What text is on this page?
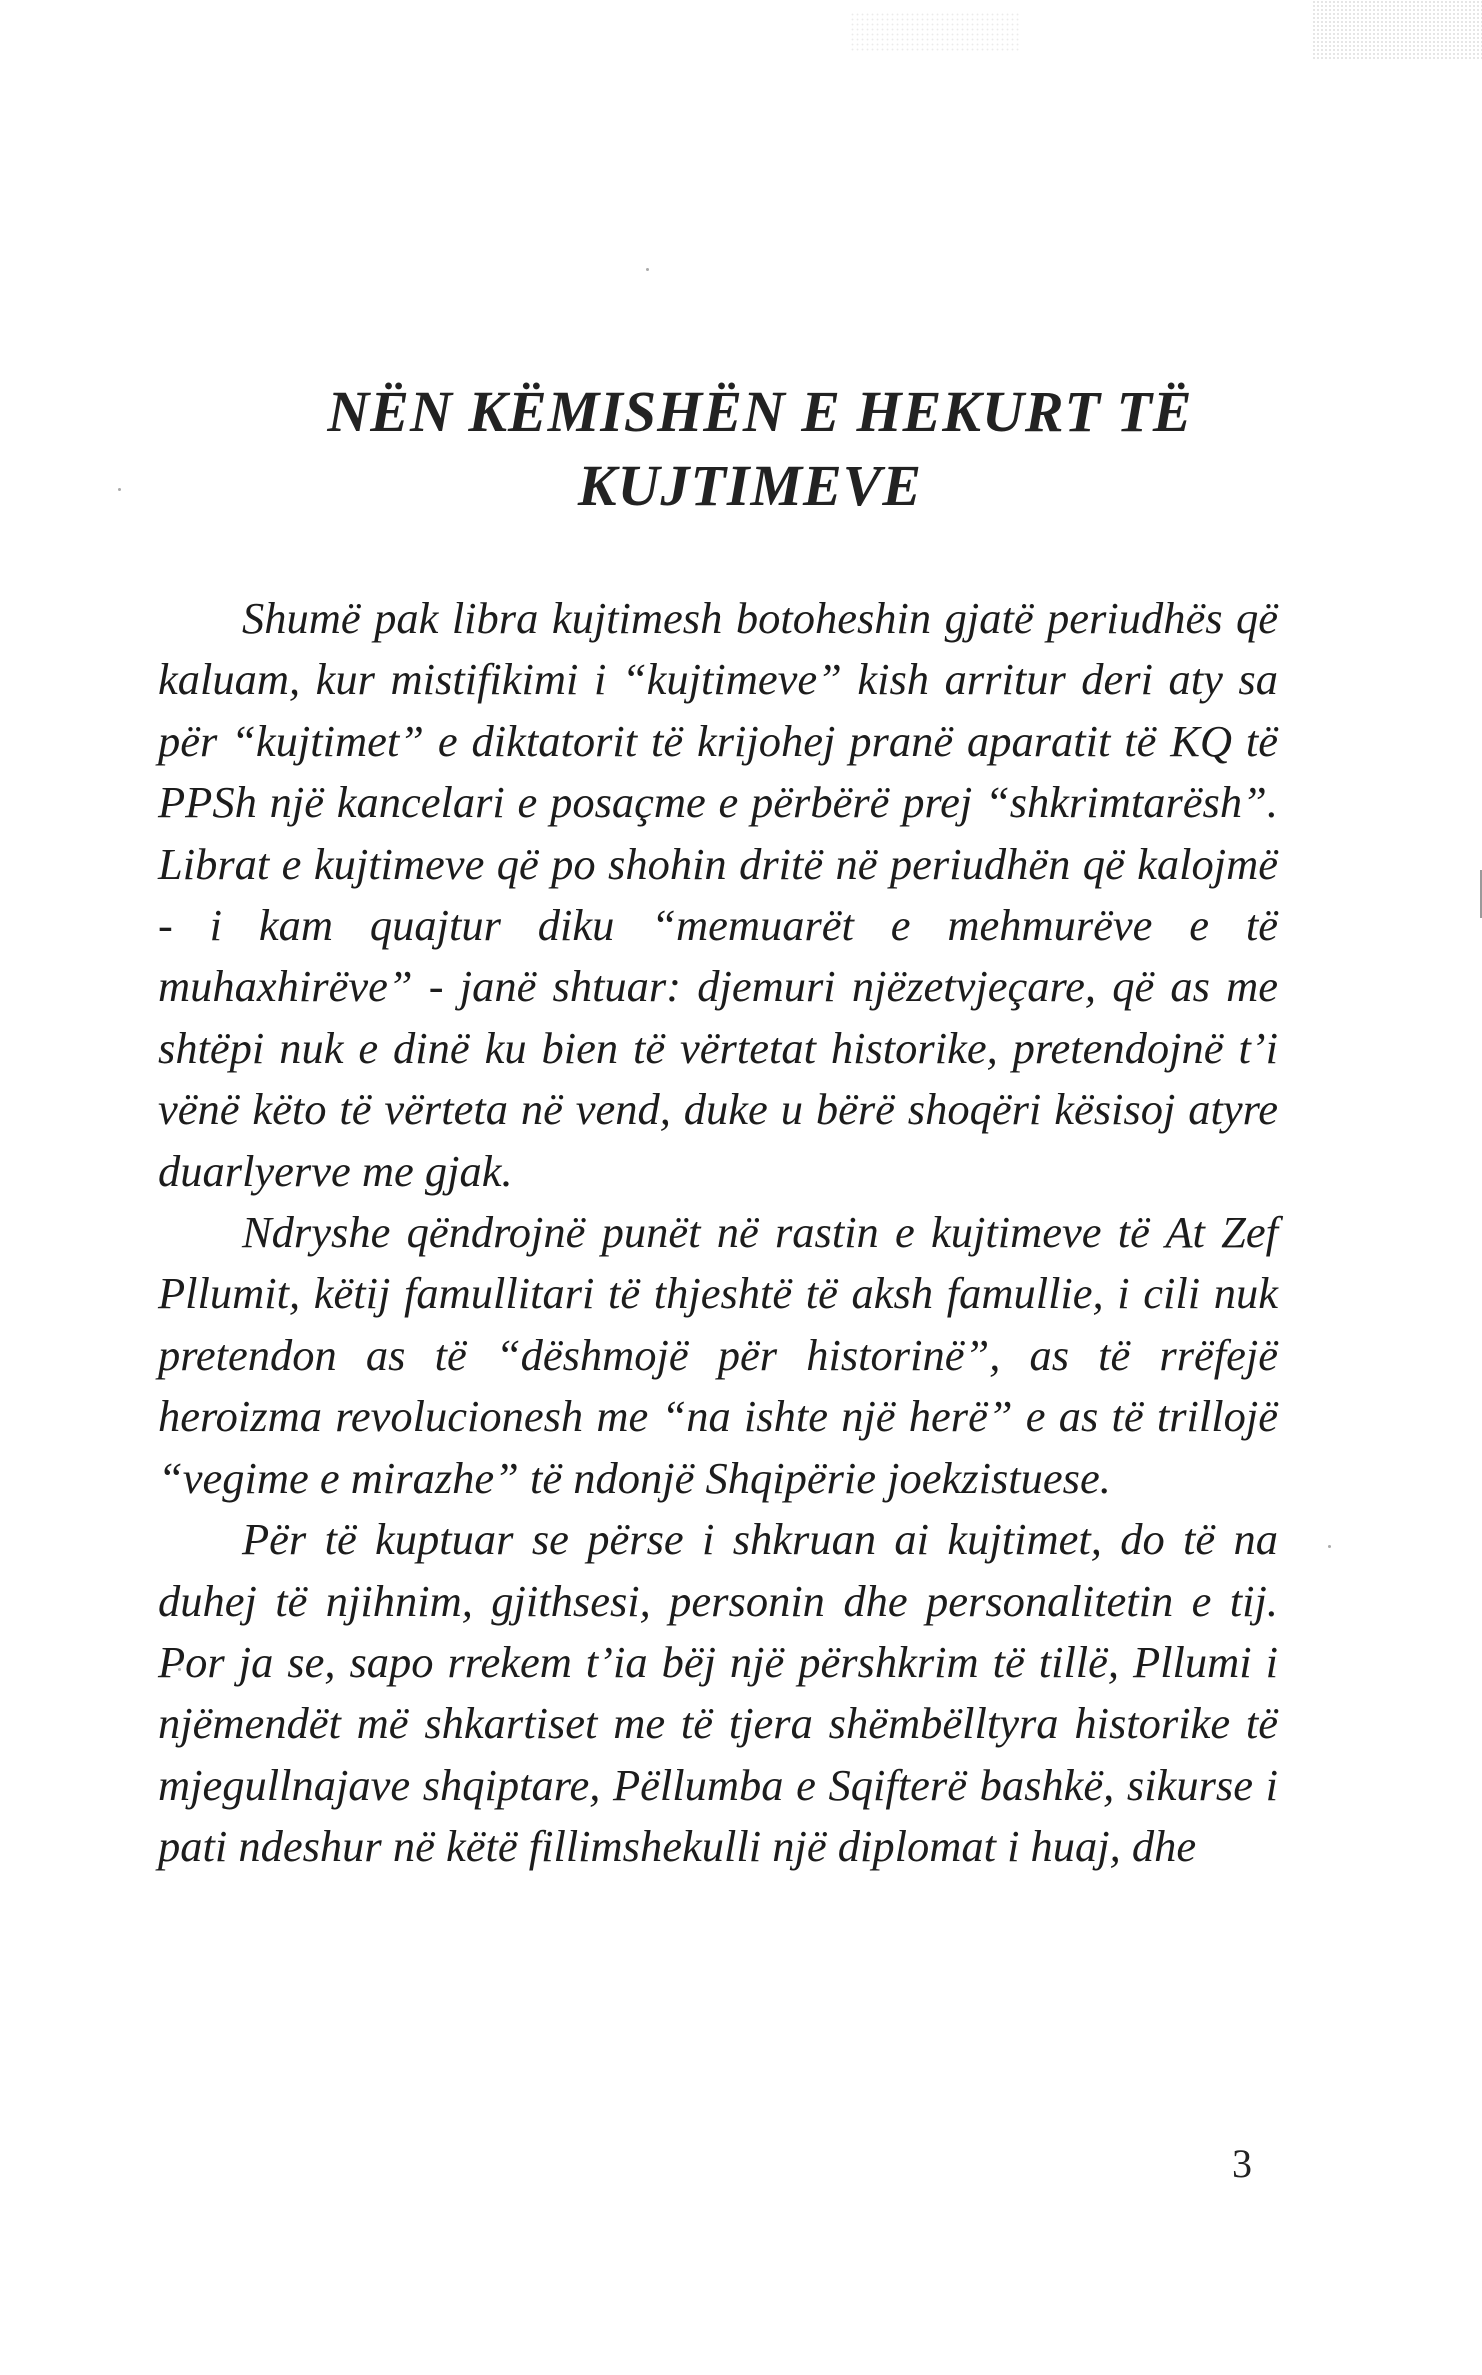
NËN KËMISHËN E HEKURT TË
KUJTIMEVE

Shumë pak libra kujtimesh botoheshin gjatë periudhës që kaluam, kur mistifikimi i “kujtimeve” kish arritur deri aty sa për “kujtimet” e diktatorit të krijohej pranë aparatit të KQ të PPSh një kancelari e posaçme e përbërë prej “shkrimtarësh”. Librat e kujtimeve që po shohin dritë në periudhën që kalojmë - i kam quajtur diku “memuarët e mehmurëve e të muhaxhirëve” - janë shtuar: djemuri njëzetvjeçare, që as me shtëpi nuk e dinë ku bien të vërtetat historike, pretendojnë t’i vënë këto të vërteta në vend, duke u bërë shoqëri kësisoj atyre duarlyerve me gjak.

Ndryshe qëndrojnë punët në rastin e kujtimeve të At Zef Pllumit, këtij famullitari të thjeshtë të aksh famullie, i cili nuk pretendon as të “dëshmojë për historinë”, as të rrëfejë heroizma revolucionesh me “na ishte një herë” e as të trillojë “vegime e mirazhe” të ndonjë Shqipërie joekzistuese.

Për të kuptuar se përse i shkruan ai kujtimet, do të na duhej të njihnim, gjithsesi, personin dhe personalitetin e tij. Por ja se, sapo rrekem t’ia bëj një përshkrim të tillë, Pllumi i njëmendët më shkartiset me të tjera shëmbëlltyra historike të mjegullnajave shqiptare, Pëllumba e Sqifterë bashkë, sikurse i pati ndeshur në këtë fillimshekulli një diplomat i huaj, dhe

3
